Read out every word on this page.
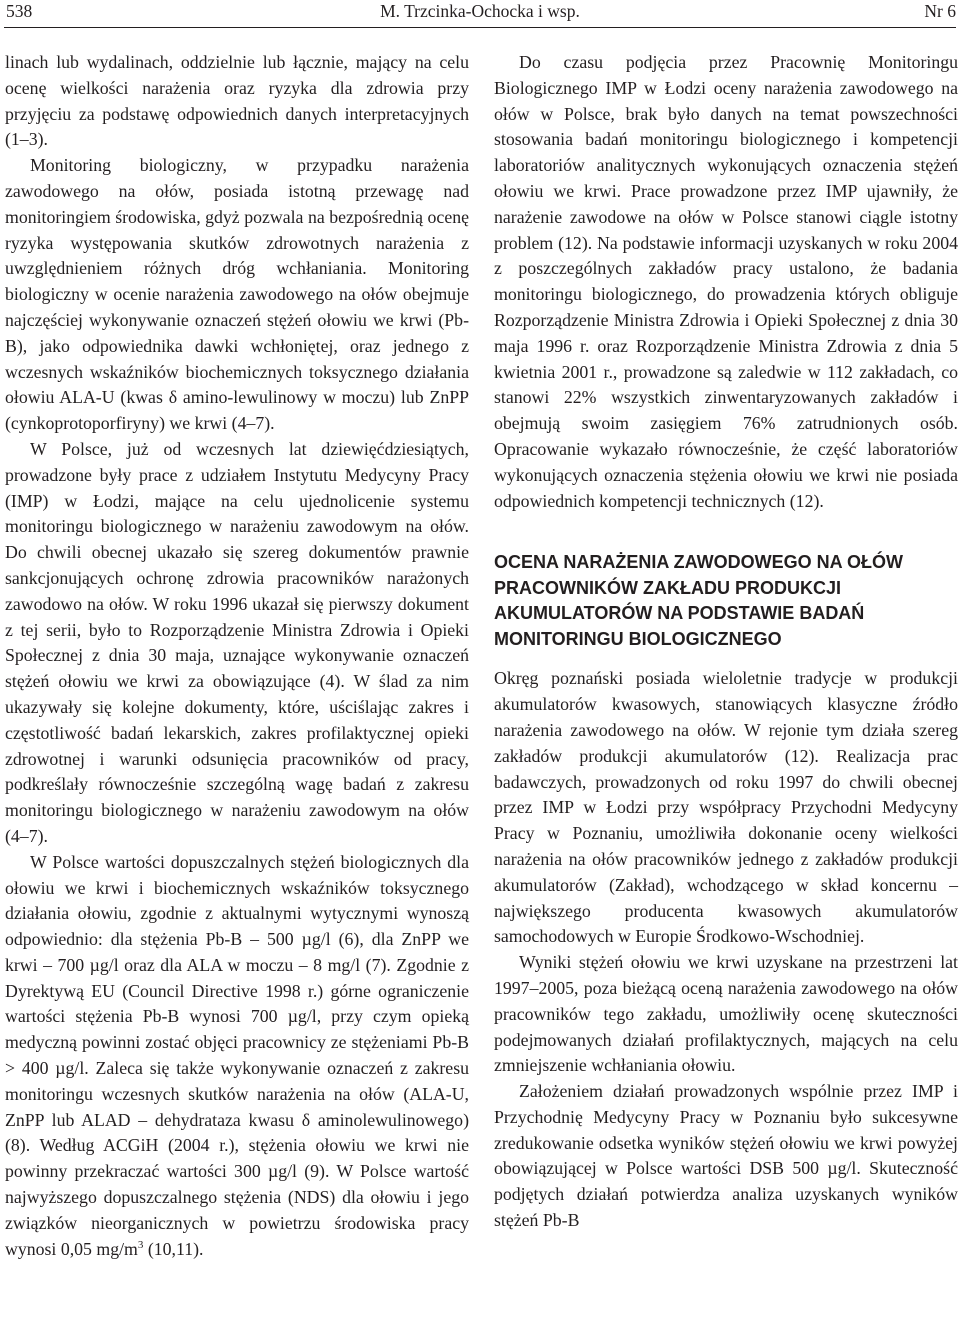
538	M. Trzcinka-Ochocka i wsp.	Nr 6

linach lub wydalinach, oddzielnie lub łącznie, mający na celu ocenę wielkości narażenia oraz ryzyka dla zdrowia przy przyjęciu za podstawę odpowiednich danych interpretacyjnych (1–3).

Monitoring biologiczny, w przypadku narażenia zawodowego na ołów, posiada istotną przewagę nad monitoringiem środowiska, gdyż pozwala na bezpośrednią ocenę ryzyka występowania skutków zdrowotnych narażenia z uwzględnieniem różnych dróg wchłaniania. Monitoring biologiczny w ocenie narażenia zawodowego na ołów obejmuje najczęściej wykonywanie oznaczeń stężeń ołowiu we krwi (Pb-B), jako odpowiednika dawki wchłoniętej, oraz jednego z wczesnych wskaźników biochemicznych toksycznego działania ołowiu ALA-U (kwas δ amino-lewulinowy w moczu) lub ZnPP (cynkoprotoporfiryny) we krwi (4–7).

W Polsce, już od wczesnych lat dziewięćdziesiątych, prowadzone były prace z udziałem Instytutu Medycyny Pracy (IMP) w Łodzi, mające na celu ujednolicenie systemu monitoringu biologicznego w narażeniu zawodowym na ołów. Do chwili obecnej ukazało się szereg dokumentów prawnie sankcjonujących ochronę zdrowia pracowników narażonych zawodowo na ołów. W roku 1996 ukazał się pierwszy dokument z tej serii, było to Rozporządzenie Ministra Zdrowia i Opieki Społecznej z dnia 30 maja, uznające wykonywanie oznaczeń stężeń ołowiu we krwi za obowiązujące (4). W ślad za nim ukazywały się kolejne dokumenty, które, uściślając zakres i częstotliwość badań lekarskich, zakres profilaktycznej opieki zdrowotnej i warunki odsunięcia pracowników od pracy, podkreślały równocześnie szczególną wagę badań z zakresu monitoringu biologicznego w narażeniu zawodowym na ołów (4–7).

W Polsce wartości dopuszczalnych stężeń biologicznych dla ołowiu we krwi i biochemicznych wskaźników toksycznego działania ołowiu, zgodnie z aktualnymi wytycznymi wynoszą odpowiednio: dla stężenia Pb-B – 500 µg/l (6), dla ZnPP we krwi – 700 µg/l oraz dla ALA w moczu – 8 mg/l (7). Zgodnie z Dyrektywą EU (Council Directive 1998 r.) górne ograniczenie wartości stężenia Pb-B wynosi 700 µg/l, przy czym opieką medyczną powinni zostać objęci pracownicy ze stężeniami Pb-B > 400 µg/l. Zaleca się także wykonywanie oznaczeń z zakresu monitoringu wczesnych skutków narażenia na ołów (ALA-U, ZnPP lub ALAD – dehydrataza kwasu δ aminolewulinowego) (8). Według ACGiH (2004 r.), stężenia ołowiu we krwi nie powinny przekraczać wartości 300 µg/l (9). W Polsce wartość najwyższego dopuszczalnego stężenia (NDS) dla ołowiu i jego związków nieorganicznych w powietrzu środowiska pracy wynosi 0,05 $mg/m^3$ (10,11).

Do czasu podjęcia przez Pracownię Monitoringu Biologicznego IMP w Łodzi oceny narażenia zawodowego na ołów w Polsce, brak było danych na temat powszechności stosowania badań monitoringu biologicznego i kompetencji laboratoriów analitycznych wykonujących oznaczenia stężeń ołowiu we krwi. Prace prowadzone przez IMP ujawniły, że narażenie zawodowe na ołów w Polsce stanowi ciągle istotny problem (12). Na podstawie informacji uzyskanych w roku 2004 z poszczególnych zakładów pracy ustalono, że badania monitoringu biologicznego, do prowadzenia których obliguje Rozporządzenie Ministra Zdrowia i Opieki Społecznej z dnia 30 maja 1996 r. oraz Rozporządzenie Ministra Zdrowia z dnia 5 kwietnia 2001 r., prowadzone są zaledwie w 112 zakładach, co stanowi 22% wszystkich zinwentaryzowanych zakładów i obejmują swoim zasięgiem 76% zatrudnionych osób. Opracowanie wykazało równocześnie, że część laboratoriów wykonujących oznaczenia stężenia ołowiu we krwi nie posiada odpowiednich kompetencji technicznych (12).

OCENA NARAŻENIA ZAWODOWEGO NA OŁÓW PRACOWNIKÓW ZAKŁADU PRODUKCJI AKUMULATORÓW NA PODSTAWIE BADAŃ MONITORINGU BIOLOGICZNEGO

Okręg poznański posiada wieloletnie tradycje w produkcji akumulatorów kwasowych, stanowiących klasyczne źródło narażenia zawodowego na ołów. W rejonie tym działa szereg zakładów produkcji akumulatorów (12). Realizacja prac badawczych, prowadzonych od roku 1997 do chwili obecnej przez IMP w Łodzi przy współpracy Przychodni Medycyny Pracy w Poznaniu, umożliwiła dokonanie oceny wielkości narażenia na ołów pracowników jednego z zakładów produkcji akumulatorów (Zakład), wchodzącego w skład koncernu – największego producenta kwasowych akumulatorów samochodowych w Europie Środkowo-Wschodniej.

Wyniki stężeń ołowiu we krwi uzyskane na przestrzeni lat 1997–2005, poza bieżącą oceną narażenia zawodowego na ołów pracowników tego zakładu, umożliwiły ocenę skuteczności podejmowanych działań profilaktycznych, mających na celu zmniejszenie wchłaniania ołowiu.

Założeniem działań prowadzonych wspólnie przez IMP i Przychodnię Medycyny Pracy w Poznaniu było sukcesywne zredukowanie odsetka wyników stężeń ołowiu we krwi powyżej obowiązującej w Polsce wartości DSB 500 µg/l. Skuteczność podjętych działań potwierdza analiza uzyskanych wyników stężeń Pb-B
